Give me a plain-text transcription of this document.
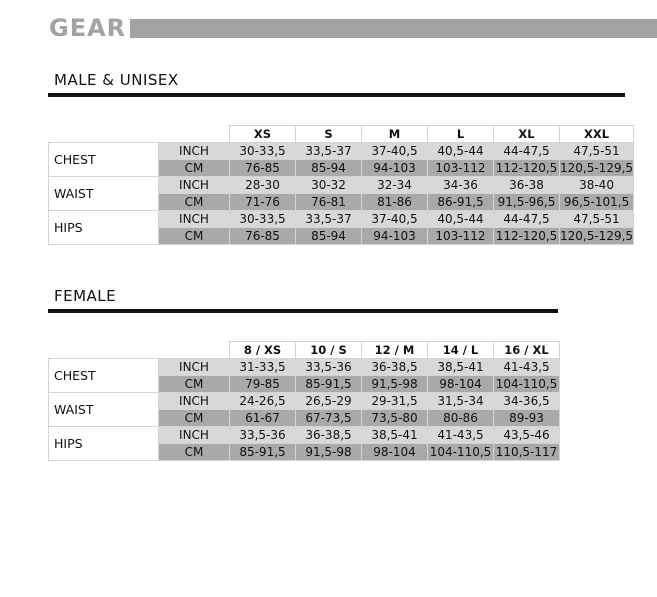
GEAR
MALE & UNISEX
		XS	S	M	L	XL	XXL
CHEST	INCH	30-33,5	33,5-37	37-40,5	40,5-44	44-47,5	47,5-51
	CM	76-85	85-94	94-103	103-112	112-120,5	120,5-129,5
WAIST	INCH	28-30	30-32	32-34	34-36	36-38	38-40
	CM	71-76	76-81	81-86	86-91,5	91,5-96,5	96,5-101,5
HIPS	INCH	30-33,5	33,5-37	37-40,5	40,5-44	44-47,5	47,5-51
	CM	76-85	85-94	94-103	103-112	112-120,5	120,5-129,5
FEMALE
		8 / XS	10 / S	12 / M	14 / L	16 / XL
CHEST	INCH	31-33,5	33,5-36	36-38,5	38,5-41	41-43,5
	CM	79-85	85-91,5	91,5-98	98-104	104-110,5
WAIST	INCH	24-26,5	26,5-29	29-31,5	31,5-34	34-36,5
	CM	61-67	67-73,5	73,5-80	80-86	89-93
HIPS	INCH	33,5-36	36-38,5	38,5-41	41-43,5	43,5-46
	CM	85-91,5	91,5-98	98-104	104-110,5	110,5-117
